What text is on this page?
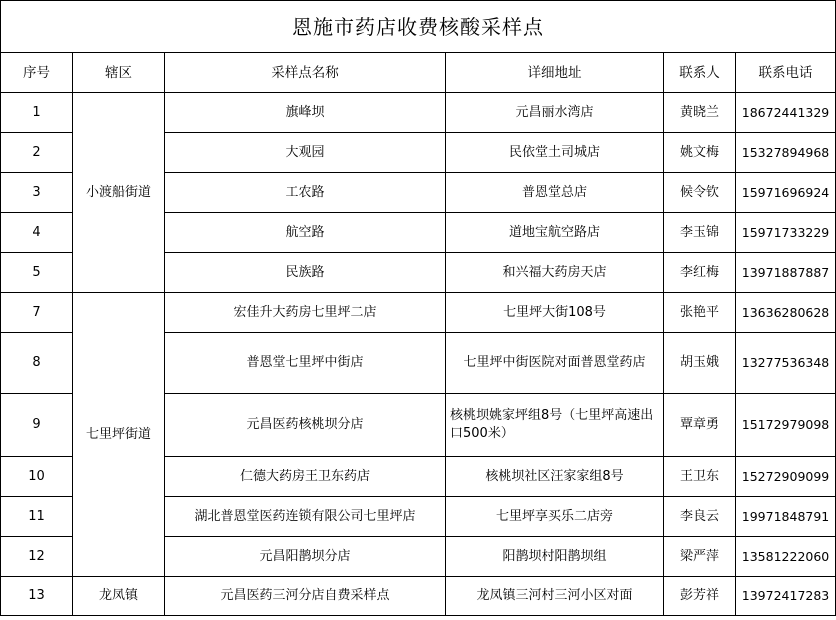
恩施市药店收费核酸采样点					
序号	辖区	采样点名称	详细地址	联系人	联系电话
1	小渡船街道	旗峰坝	元昌丽水湾店	黄晓兰	18672441329
2		大观园	民依堂土司城店	姚文梅	15327894968
3		工农路	普恩堂总店	候令钦	15971696924
4		航空路	道地宝航空路店	李玉锦	15971733229
5		民族路	和兴福大药房天店	李红梅	13971887887
7	七里坪街道	宏佳升大药房七里坪二店	七里坪大街108号	张艳平	13636280628
8		普恩堂七里坪中街店	七里坪中街医院对面普恩堂药店	胡玉娥	13277536348
9		元昌医药核桃坝分店	核桃坝姚家坪组8号（七里坪高速出口500米）	覃章勇	15172979098
10		仁德大药房王卫东药店	核桃坝社区汪家家组8号	王卫东	15272909099
11		湖北普恩堂医药连锁有限公司七里坪店	七里坪享买乐二店旁	李良云	19971848791
12		元昌阳鹊坝分店	阳鹊坝村阳鹊坝组	梁严萍	13581222060
13	龙凤镇	元昌医药三河分店自费采样点	龙凤镇三河村三河小区对面	彭芳祥	13972417283
